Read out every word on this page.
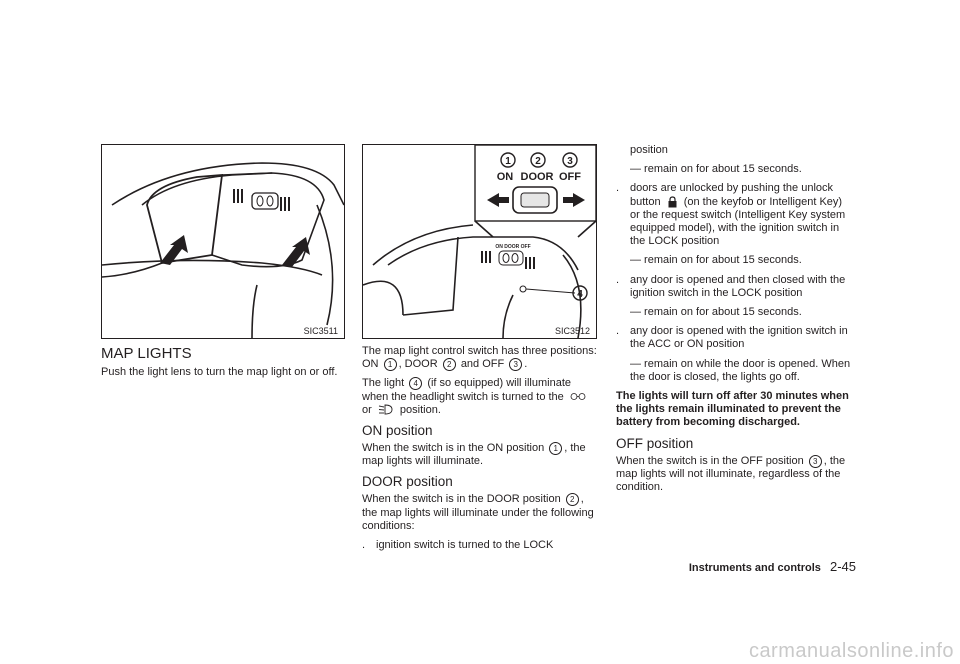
SIC3511
1 2	3
ON DOOR OFF
ON DOOR OFF
4
SIC3512
MAP LIGHTS

Push the light lens to turn the map light on or off.

The map light control switch has three positions: ON 1 , DOOR 2 and OFF 3 .

The light 4 (if so equipped) will illuminate when the headlight switch is turned to the
or	position.

ON position

When the switch is in the ON position 1 , the map lights will illuminate.

DOOR position

When the switch is in the DOOR position 2 , the map lights will illuminate under the following conditions:

. ignition switch is turned to the LOCK

position

— remain on for about 15 seconds.
. doors are unlocked by pushing the unlock button (on the keyfob or Intelligent Key) or the request switch (Intelligent Key system equipped model), with the ignition switch in the LOCK position
— remain on for about 15 seconds.
. any door is opened and then closed with the ignition switch in the LOCK position
— remain on for about 15 seconds.
. any door is opened with the ignition switch in the ACC or ON position
— remain on while the door is opened. When the door is closed, the lights go off.

The lights will turn off after 30 minutes when the lights remain illuminated to prevent the battery from becoming discharged.

OFF position

When the switch is in the OFF position 3 , the map lights will not illuminate, regardless of the condition.

Instruments and controls 2-45
carmanualsonline.info
